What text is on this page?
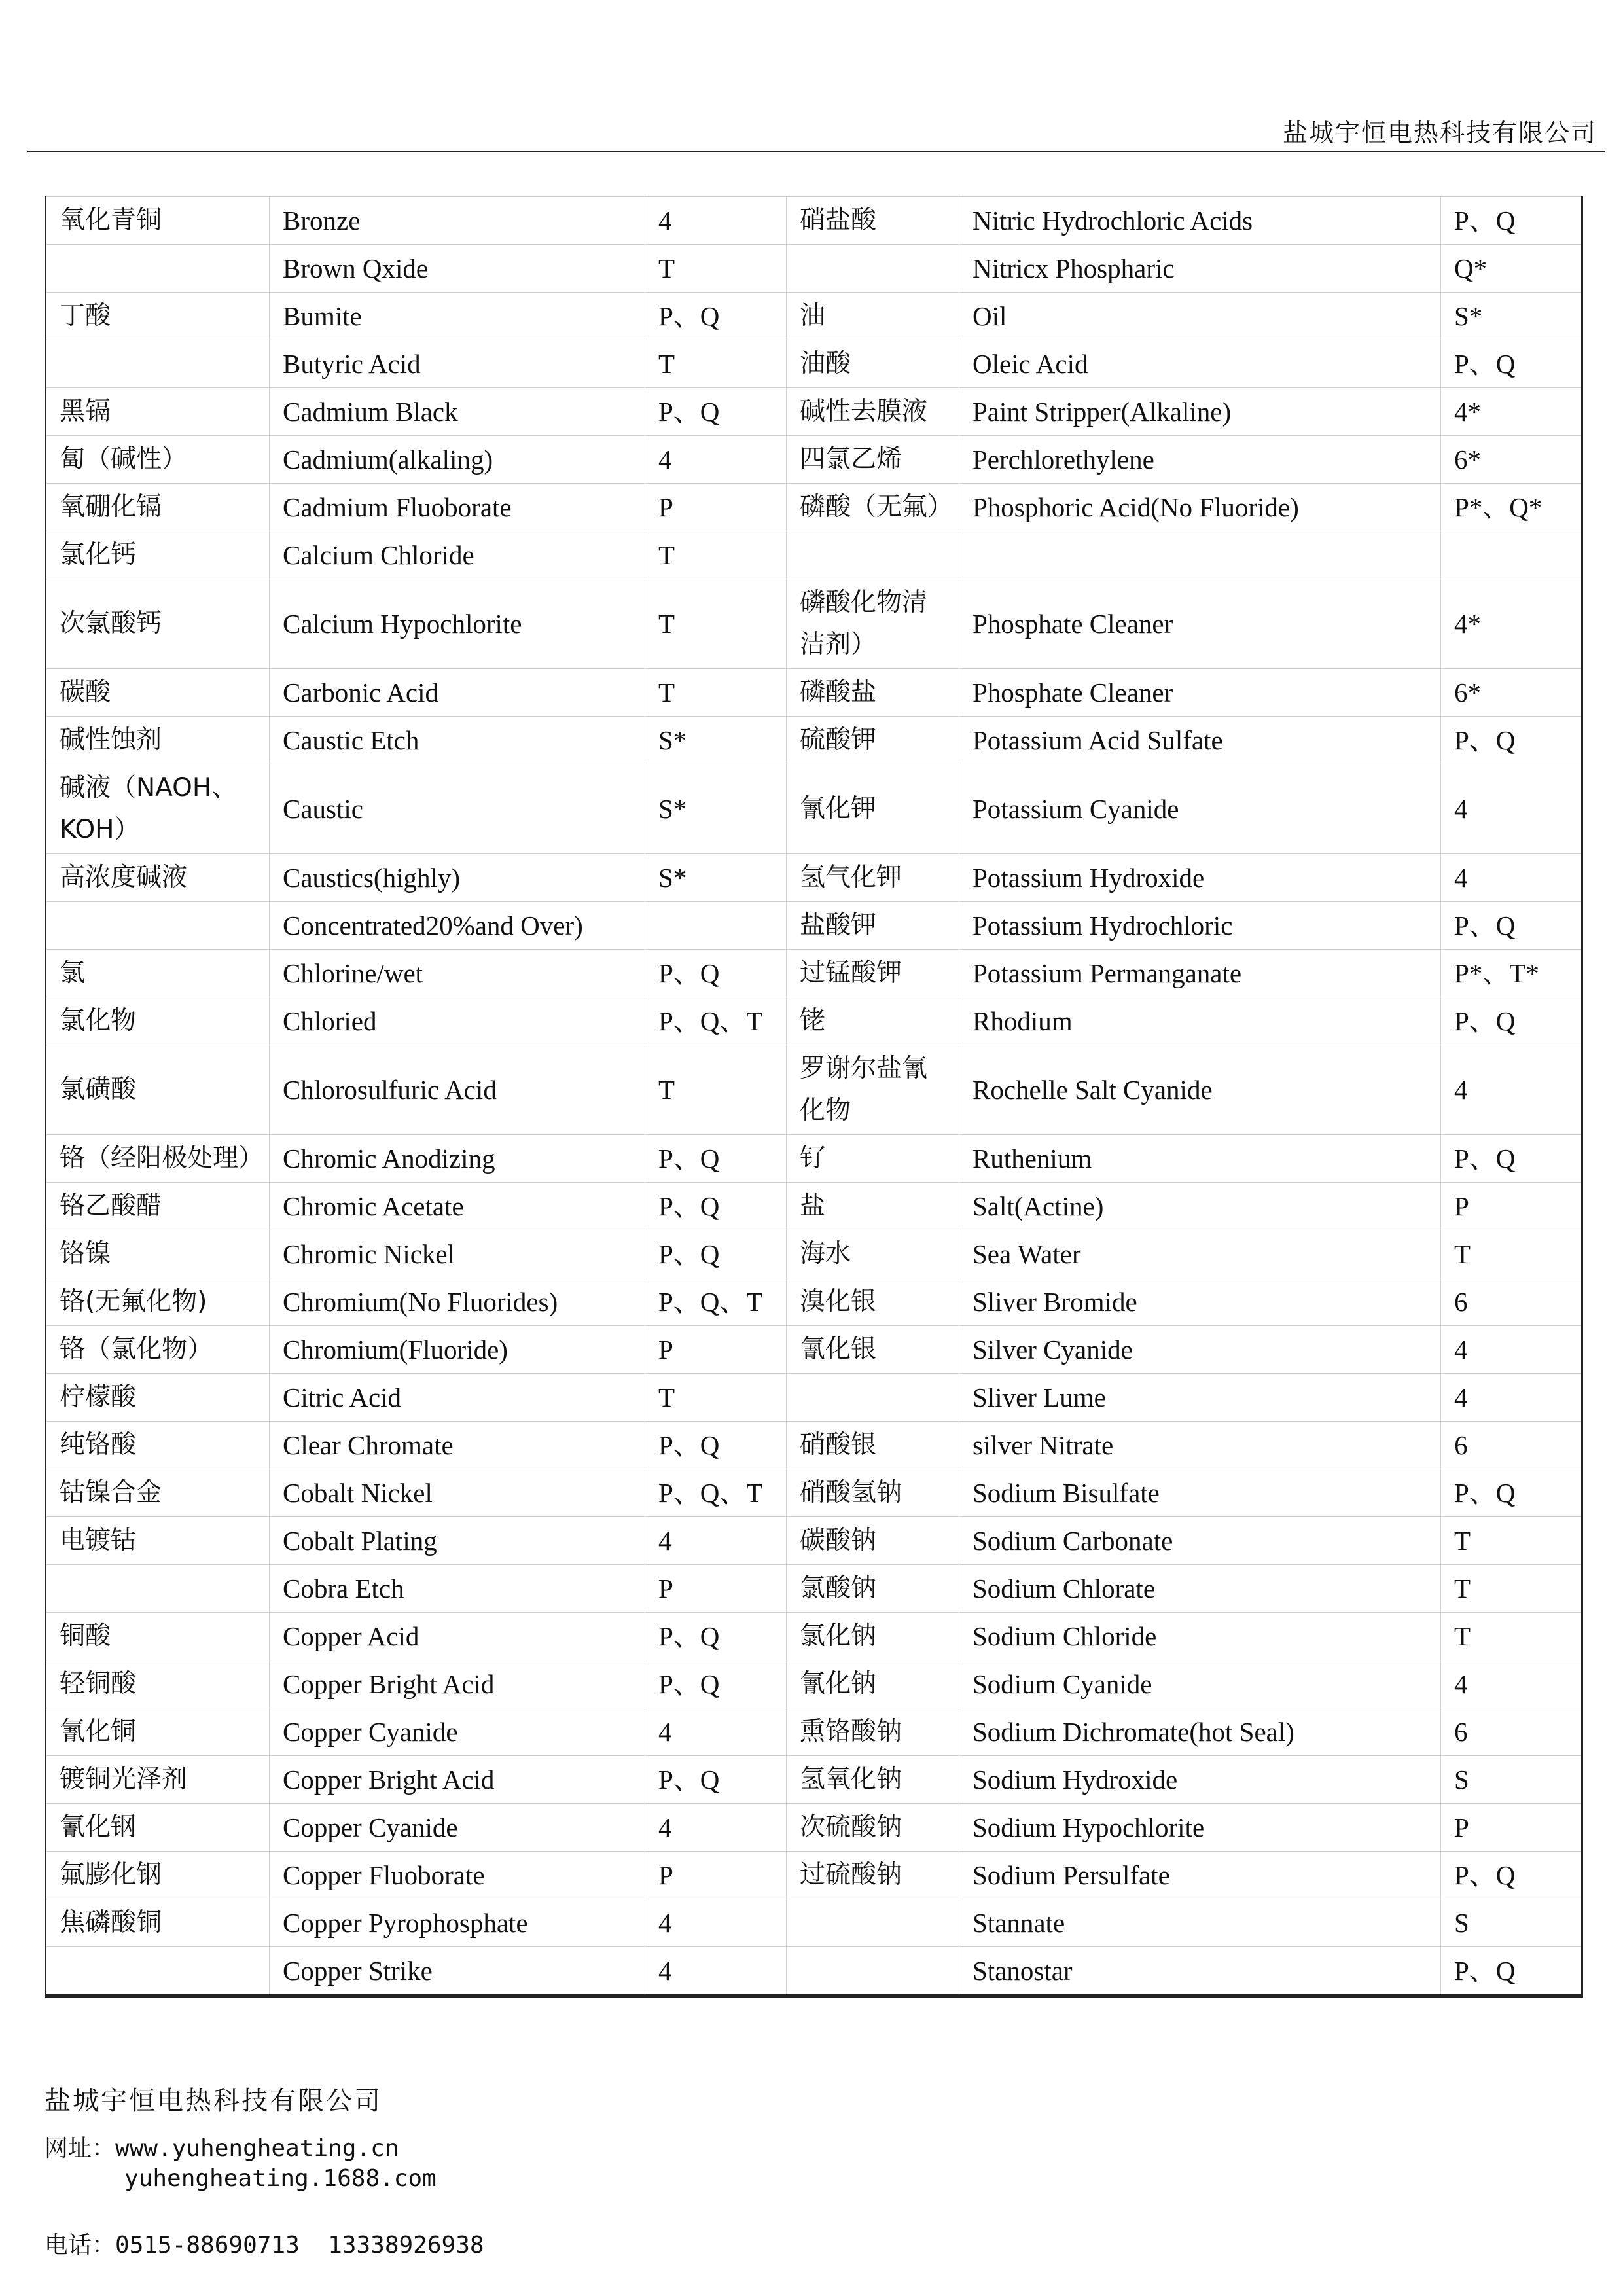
盐城宇恒电热科技有限公司
氧化青铜	Bronze	4	硝盐酸	Nitric Hydrochloric Acids	P、Q
	Brown Qxide	T		Nitricx Phospharic	Q*
丁酸	Bumite	P、Q	油	Oil	S*
	Butyric Acid	T	油酸	Oleic Acid	P、Q
黑镉	Cadmium Black	P、Q	碱性去膜液	Paint Stripper(Alkaline)	4*
匐（碱性）	Cadmium(alkaling)	4	四氯乙烯	Perchlorethylene	6*
氧硼化镉	Cadmium Fluoborate	P	磷酸（无氟）	Phosphoric Acid(No Fluoride)	P*、Q*
氯化钙	Calcium Chloride	T			
次氯酸钙	Calcium Hypochlorite	T	磷酸化物清洁剂）	Phosphate Cleaner	4*
碳酸	Carbonic Acid	T	磷酸盐	Phosphate Cleaner	6*
碱性蚀剂	Caustic Etch	S*	硫酸钾	Potassium Acid Sulfate	P、Q
碱液（NAOH、KOH）	Caustic	S*	氰化钾	Potassium Cyanide	4
高浓度碱液	Caustics(highly)	S*	氢气化钾	Potassium Hydroxide	4
	Concentrated20%and Over)		盐酸钾	Potassium Hydrochloric	P、Q
氯	Chlorine/wet	P、Q	过锰酸钾	Potassium Permanganate	P*、T*
氯化物	Chloried	P、Q、T	铑	Rhodium	P、Q
氯磺酸	Chlorosulfuric Acid	T	罗谢尔盐氰化物	Rochelle Salt Cyanide	4
铬（经阳极处理）	Chromic Anodizing	P、Q	钌	Ruthenium	P、Q
铬乙酸醋	Chromic Acetate	P、Q	盐	Salt(Actine)	P
铬镍	Chromic Nickel	P、Q	海水	Sea Water	T
铬(无氟化物)	Chromium(No Fluorides)	P、Q、T	溴化银	Sliver Bromide	6
铬（氯化物）	Chromium(Fluoride)	P	氰化银	Silver Cyanide	4
柠檬酸	Citric Acid	T		Sliver Lume	4
纯铬酸	Clear Chromate	P、Q	硝酸银	silver Nitrate	6
钴镍合金	Cobalt Nickel	P、Q、T	硝酸氢钠	Sodium Bisulfate	P、Q
电镀钴	Cobalt Plating	4	碳酸钠	Sodium Carbonate	T
	Cobra Etch	P	氯酸钠	Sodium Chlorate	T
铜酸	Copper Acid	P、Q	氯化钠	Sodium Chloride	T
轻铜酸	Copper Bright Acid	P、Q	氰化钠	Sodium Cyanide	4
氰化铜	Copper Cyanide	4	熏铬酸钠	Sodium Dichromate(hot Seal)	6
镀铜光泽剂	Copper Bright Acid	P、Q	氢氧化钠	Sodium Hydroxide	S
氰化钢	Copper Cyanide	4	次硫酸钠	Sodium Hypochlorite	P
氟膨化钢	Copper Fluoborate	P	过硫酸钠	Sodium Persulfate	P、Q
焦磷酸铜	Copper Pyrophosphate	4		Stannate	S
	Copper Strike	4		Stanostar	P、Q
盐城宇恒电热科技有限公司
网址：www.yuhengheating.cn
yuhengheating.1688.com
电话：0515-88690713  13338926938
